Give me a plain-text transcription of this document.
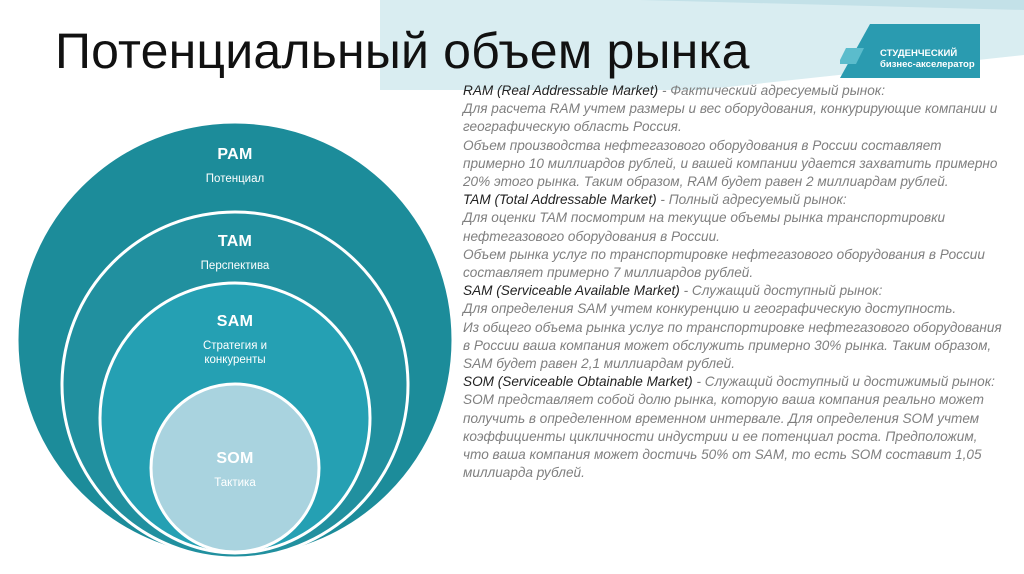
Потенциальный объем рынка	СТУДЕНЧЕСКИЙ
бизнес-акселератор
PAM
Потенциал
TAM
Перспектива
SAM
Стратегия и
конкуренты
SOM
Тактика

RAM (Real Addressable Market) - Фактический адресуемый рынок:

Для расчета RAM учтем размеры и вес оборудования, конкурирующие компании и географическую область Россия.

Объем производства нефтегазового оборудования в России составляет примерно 10 миллиардов рублей, и вашей компании удается захватить примерно 20% этого рынка. Таким образом, RAM будет равен 2 миллиардам рублей.

TAM (Total Addressable Market) - Полный адресуемый рынок:

Для оценки TAM посмотрим на текущие объемы рынка транспортировки нефтегазового оборудования в России.

Объем рынка услуг по транспортировке нефтегазового оборудования в России составляет примерно 7 миллиардов рублей.

SAM (Serviceable Available Market) - Служащий доступный рынок:

Для определения SAM учтем конкуренцию и географическую доступность.

Из общего объема рынка услуг по транспортировке нефтегазового оборудования в России ваша компания может обслужить примерно 30% рынка. Таким образом, SAM будет равен 2,1 миллиардам рублей.

SOM (Serviceable Obtainable Market) - Служащий доступный и достижимый рынок:

SOM представляет собой долю рынка, которую ваша компания реально может получить в определенном временном интервале. Для определения SOM учтем коэффициенты цикличности индустрии и ее потенциал роста. Предположим, что ваша компания может достичь 50% от SAM, то есть SOM составит 1,05 миллиарда рублей.
